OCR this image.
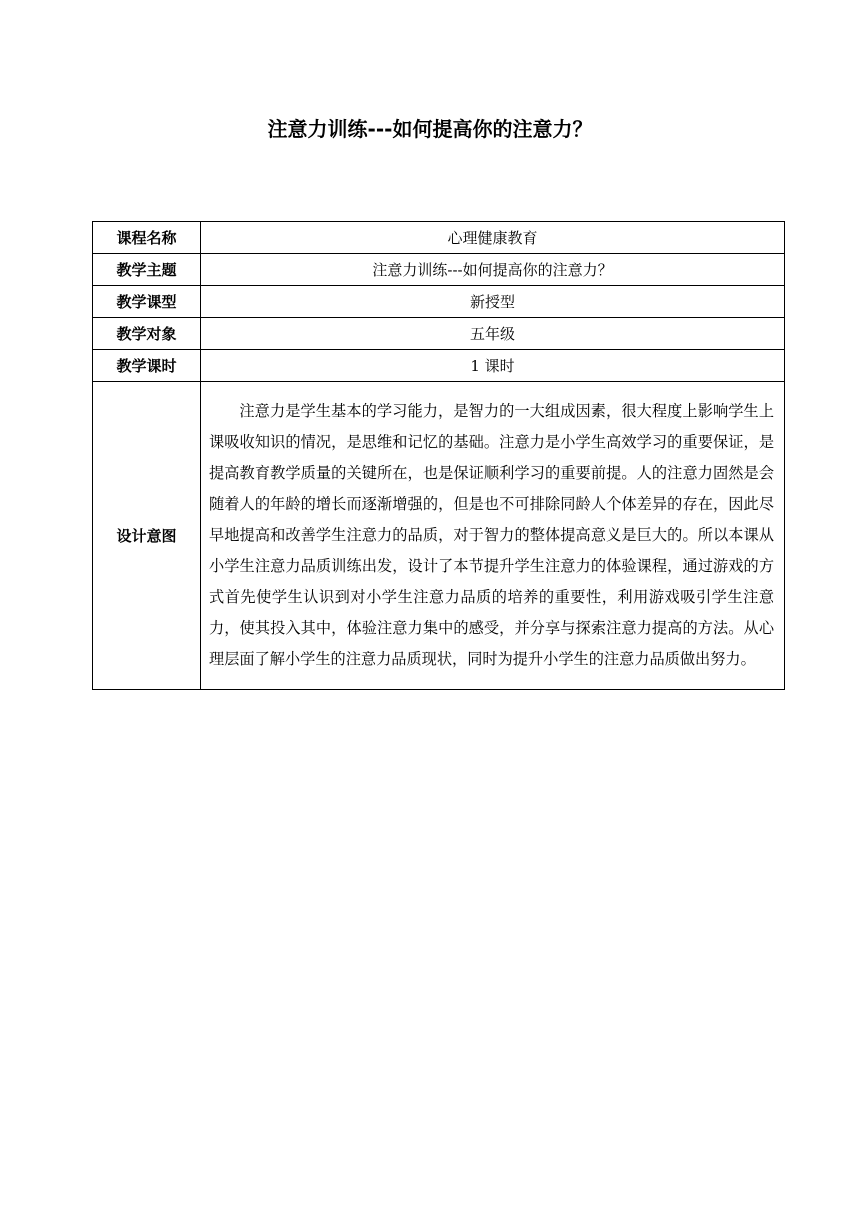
注意力训练---如何提高你的注意力？
课程名称	心理健康教育
教学主题	注意力训练---如何提高你的注意力？
教学课型	新授型
教学对象	五年级
教学课时	1 课时
设计意图	注意力是学生基本的学习能力，是智力的一大组成因素，很大程度上影响学生上课吸收知识的情况，是思维和记忆的基础。注意力是小学生高效学习的重要保证，是提高教育教学质量的关键所在，也是保证顺利学习的重要前提。人的注意力固然是会随着人的年龄的增长而逐渐增强的，但是也不可排除同龄人个体差异的存在，因此尽早地提高和改善学生注意力的品质，对于智力的整体提高意义是巨大的。所以本课从小学生注意力品质训练出发，设计了本节提升学生注意力的体验课程，通过游戏的方式首先使学生认识到对小学生注意力品质的培养的重要性，利用游戏吸引学生注意力，使其投入其中，体验注意力集中的感受，并分享与探索注意力提高的方法。从心理层面了解小学生的注意力品质现状，同时为提升小学生的注意力品质做出努力。
